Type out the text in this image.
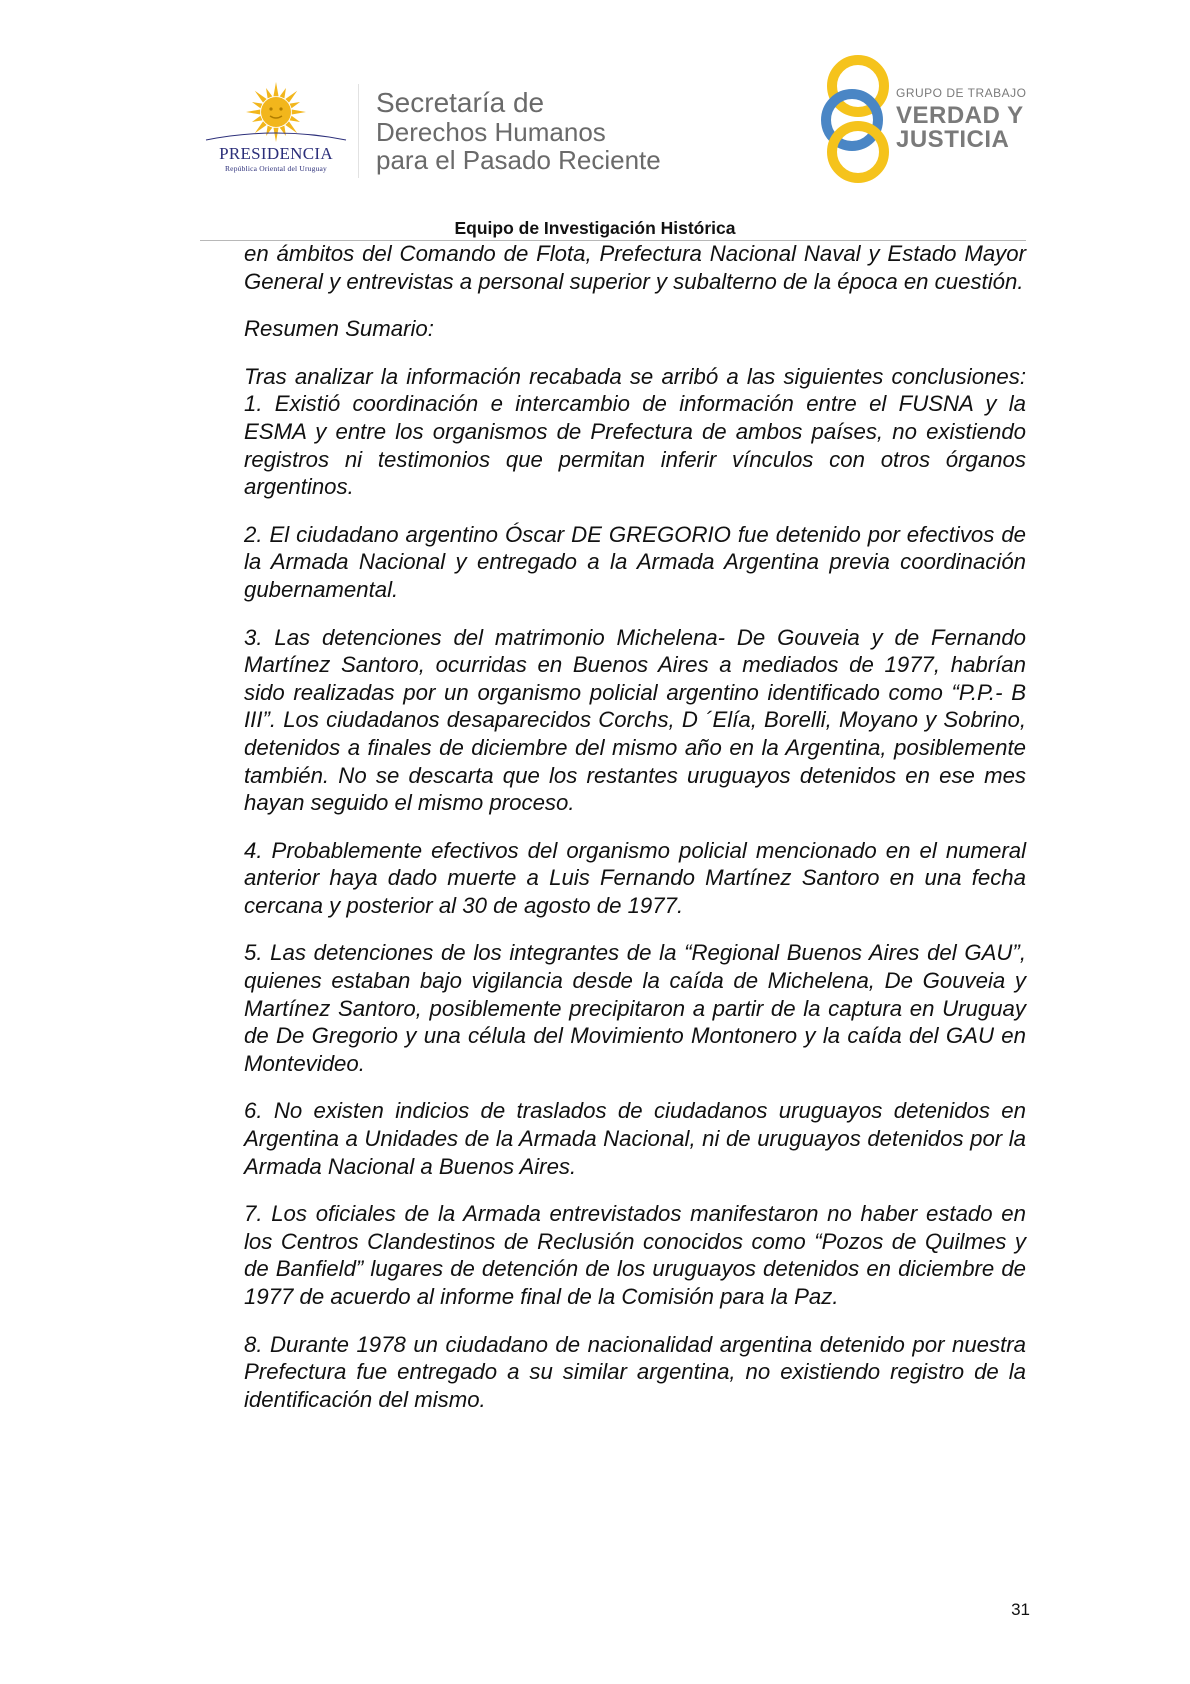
PRESIDENCIA
República Oriental del Uruguay
Secretaría de
Derechos Humanos
para el Pasado Reciente
GRUPO DE TRABAJO
VERDAD Y
JUSTICIA
Equipo de Investigación Histórica

en ámbitos del Comando de Flota, Prefectura Nacional Naval y Estado Mayor General y entrevistas a personal superior y subalterno de la época en cuestión.

Resumen Sumario:

Tras analizar la información recabada se arribó a las siguientes conclusiones: 1. Existió coordinación e intercambio de información entre el FUSNA y la ESMA y entre los organismos de Prefectura de ambos países, no existiendo registros ni testimonios que permitan inferir vínculos con otros órganos argentinos.

2. El ciudadano argentino Óscar DE GREGORIO fue detenido por efectivos de la Armada Nacional y entregado a la Armada Argentina previa coordinación gubernamental.

3. Las detenciones del matrimonio Michelena- De Gouveia y de Fernando Martínez Santoro, ocurridas en Buenos Aires a mediados de 1977, habrían sido realizadas por un organismo policial argentino identificado como “P.P.- B III”. Los ciudadanos desaparecidos Corchs, D ´Elía, Borelli, Moyano y Sobrino, detenidos a finales de diciembre del mismo año en la Argentina, posiblemente también. No se descarta que los restantes uruguayos detenidos en ese mes hayan seguido el mismo proceso.

4. Probablemente efectivos del organismo policial mencionado en el numeral anterior haya dado muerte a Luis Fernando Martínez Santoro en una fecha cercana y posterior al 30 de agosto de 1977.

5. Las detenciones de los integrantes de la “Regional Buenos Aires del GAU”, quienes estaban bajo vigilancia desde la caída de Michelena, De Gouveia y Martínez Santoro, posiblemente precipitaron a partir de la captura en Uruguay de De Gregorio y una célula del Movimiento Montonero y la caída del GAU en Montevideo.

6. No existen indicios de traslados de ciudadanos uruguayos detenidos en Argentina a Unidades de la Armada Nacional, ni de uruguayos detenidos por la Armada Nacional a Buenos Aires.

7. Los oficiales de la Armada entrevistados manifestaron no haber estado en los Centros Clandestinos de Reclusión conocidos como “Pozos de Quilmes y de Banfield” lugares de detención de los uruguayos detenidos en diciembre de 1977 de acuerdo al informe final de la Comisión para la Paz.

8. Durante 1978 un ciudadano de nacionalidad argentina detenido por nuestra Prefectura fue entregado a su similar argentina, no existiendo registro de la identificación del mismo.

31
